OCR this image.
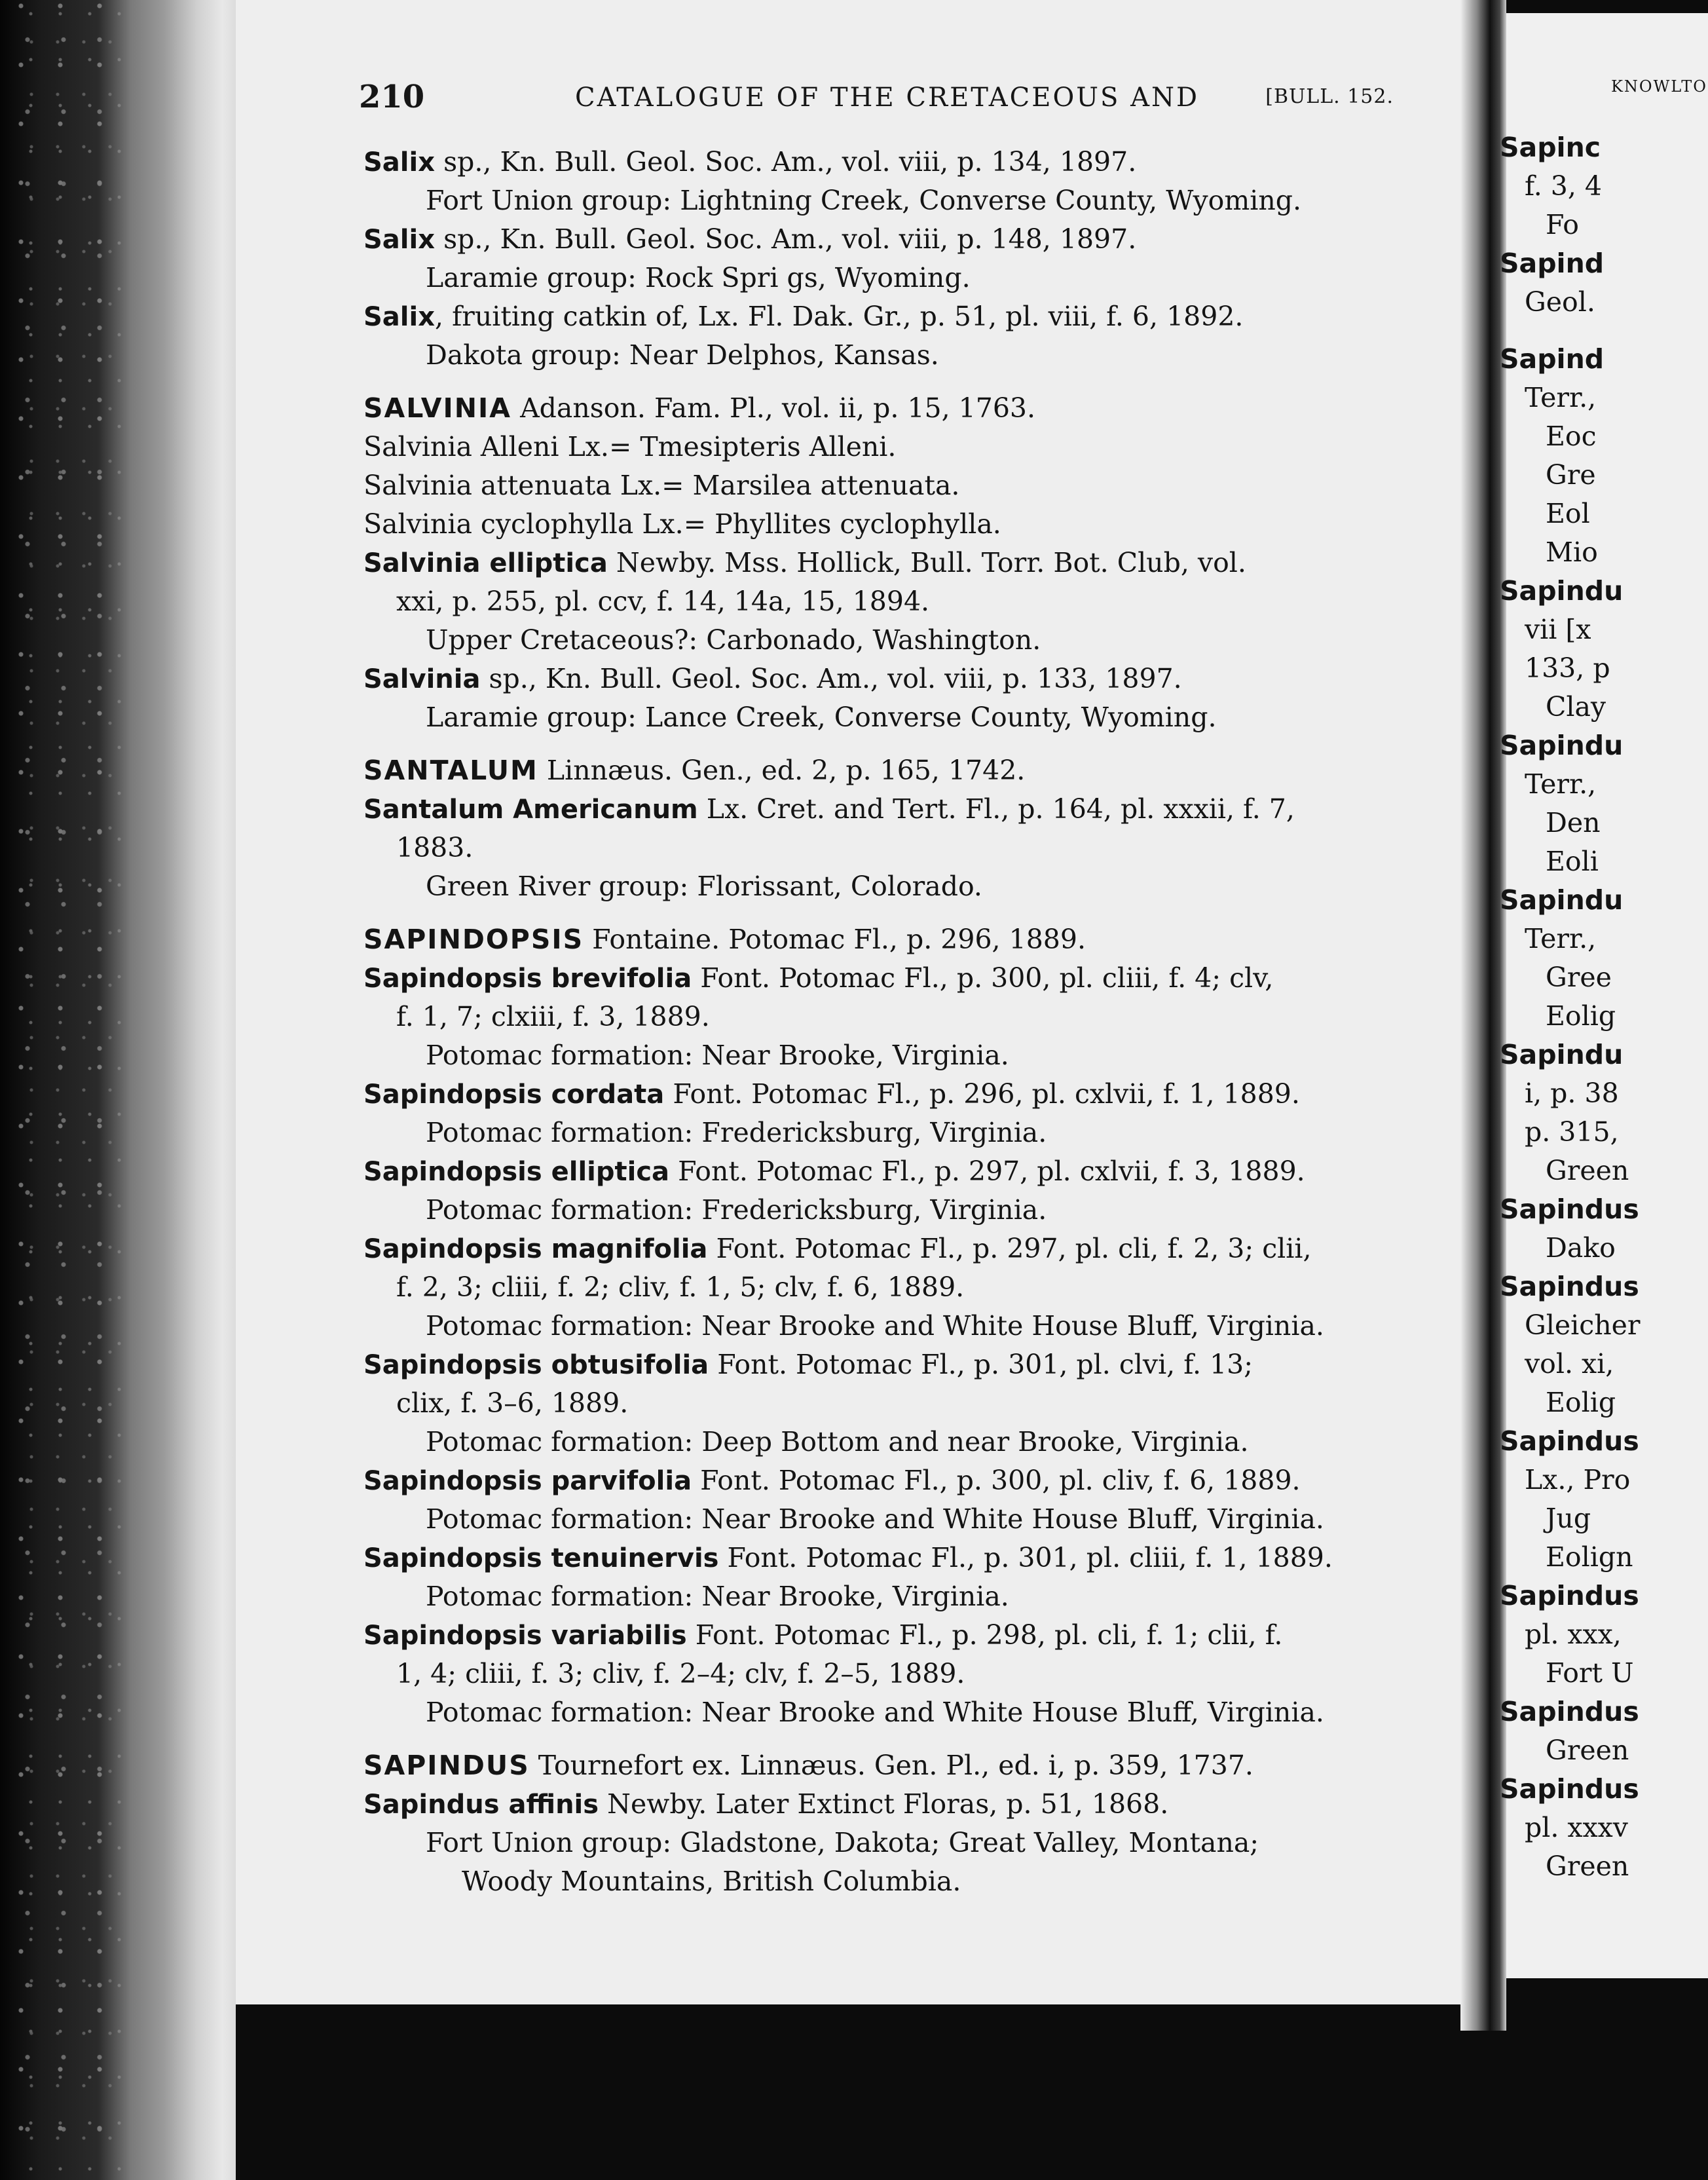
210	CATALOGUE OF THE CRETACEOUS AND	[BULL. 152.
Salix sp., Kn. Bull. Geol. Soc. Am., vol. viii, p. 134, 1897.
Fort Union group: Lightning Creek, Converse County, Wyoming.
Salix sp., Kn. Bull. Geol. Soc. Am., vol. viii, p. 148, 1897.
Laramie group: Rock Spri gs, Wyoming.
Salix, fruiting catkin of, Lx. Fl. Dak. Gr., p. 51, pl. viii, f. 6, 1892.
Dakota group: Near Delphos, Kansas.
SALVINIA Adanson. Fam. Pl., vol. ii, p. 15, 1763.
Salvinia Alleni Lx.= Tmesipteris Alleni.
Salvinia attenuata Lx.= Marsilea attenuata.
Salvinia cyclophylla Lx.= Phyllites cyclophylla.
Salvinia elliptica Newby. Mss. Hollick, Bull. Torr. Bot. Club, vol.
xxi, p. 255, pl. ccv, f. 14, 14a, 15, 1894.
Upper Cretaceous?: Carbonado, Washington.
Salvinia sp., Kn. Bull. Geol. Soc. Am., vol. viii, p. 133, 1897.
Laramie group: Lance Creek, Converse County, Wyoming.
SANTALUM Linnæus. Gen., ed. 2, p. 165, 1742.
Santalum Americanum Lx. Cret. and Tert. Fl., p. 164, pl. xxxii, f. 7,
1883.
Green River group: Florissant, Colorado.
SAPINDOPSIS Fontaine. Potomac Fl., p. 296, 1889.
Sapindopsis brevifolia Font. Potomac Fl., p. 300, pl. cliii, f. 4; clv,
f. 1, 7; clxiii, f. 3, 1889.
Potomac formation: Near Brooke, Virginia.
Sapindopsis cordata Font. Potomac Fl., p. 296, pl. cxlvii, f. 1, 1889.
Potomac formation: Fredericksburg, Virginia.
Sapindopsis elliptica Font. Potomac Fl., p. 297, pl. cxlvii, f. 3, 1889.
Potomac formation: Fredericksburg, Virginia.
Sapindopsis magnifolia Font. Potomac Fl., p. 297, pl. cli, f. 2, 3; clii,
f. 2, 3; cliii, f. 2; cliv, f. 1, 5; clv, f. 6, 1889.
Potomac formation: Near Brooke and White House Bluff, Virginia.
Sapindopsis obtusifolia Font. Potomac Fl., p. 301, pl. clvi, f. 13;
clix, f. 3–6, 1889.
Potomac formation: Deep Bottom and near Brooke, Virginia.
Sapindopsis parvifolia Font. Potomac Fl., p. 300, pl. cliv, f. 6, 1889.
Potomac formation: Near Brooke and White House Bluff, Virginia.
Sapindopsis tenuinervis Font. Potomac Fl., p. 301, pl. cliii, f. 1, 1889.
Potomac formation: Near Brooke, Virginia.
Sapindopsis variabilis Font. Potomac Fl., p. 298, pl. cli, f. 1; clii, f.
1, 4; cliii, f. 3; cliv, f. 2–4; clv, f. 2–5, 1889.
Potomac formation: Near Brooke and White House Bluff, Virginia.
SAPINDUS Tournefort ex. Linnæus. Gen. Pl., ed. i, p. 359, 1737.
Sapindus affinis Newby. Later Extinct Floras, p. 51, 1868.
Fort Union group: Gladstone, Dakota; Great Valley, Montana;
Woody Mountains, British Columbia.
KNOWLTO
Sapinc
f. 3, 4
Fo
Sapind
Geol.
Sapind
Terr.,
Eoc
Gre
Eol
Mio
Sapindu
vii [x
133, p
Clay
Sapindu
Terr.,
Den
Eoli
Sapindu
Terr.,
Gree
Eolig
Sapindu
i, p. 38
p. 315,
Green
Sapindus
Dako
Sapindus
Gleicher
vol. xi,
Eolig
Sapindus
Lx., Pro
Jug
Eolign
Sapindus
pl. xxx,
Fort U
Sapindus
Green
Sapindus
pl. xxxv
Green
